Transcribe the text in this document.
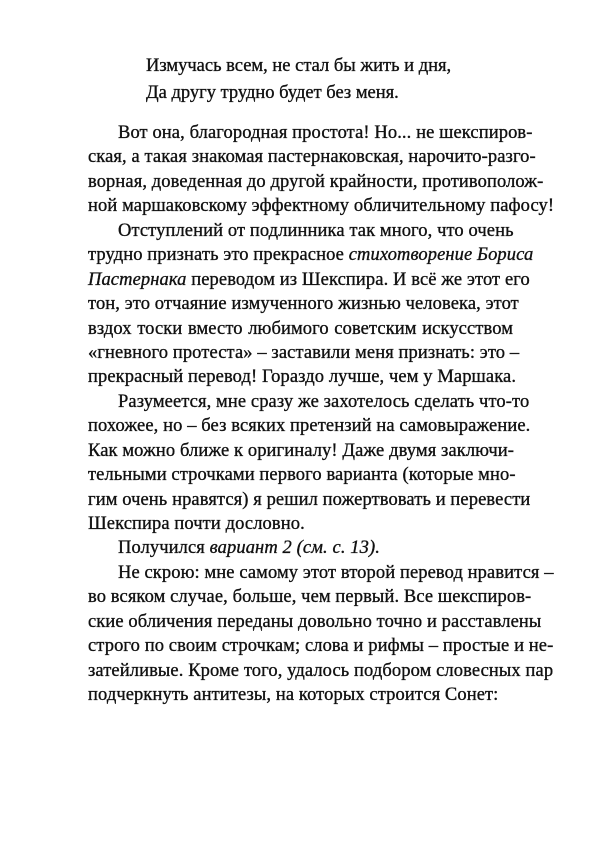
Измучась всем, не стал бы жить и дня,
Да другу трудно будет без меня.
Вот она, благородная простота! Но... не шекспиров-
ская, а такая знакомая пастернаковская, нарочито-разго-
ворная, доведенная до другой крайности, противополож-
ной маршаковскому эффектному обличительному пафосу!
Отступлений от подлинника так много, что очень
трудно признать это прекрасное стихотворение Бориса
Пастернака переводом из Шекспира. И всё же этот его
тон, это отчаяние измученного жизнью человека, этот
вздох тоски вместо любимого советским искусством
«гневного протеста» – заставили меня признать: это –
прекрасный перевод! Гораздо лучше, чем у Маршака.
Разумеется, мне сразу же захотелось сделать что-то
похожее, но – без всяких претензий на самовыражение.
Как можно ближе к оригиналу! Даже двумя заключи-
тельными строчками первого варианта (которые мно-
гим очень нравятся) я решил пожертвовать и перевести
Шекспира почти дословно.
Получился вариант 2 (см. с. 13).
Не скрою: мне самому этот второй перевод нравится –
во всяком случае, больше, чем первый. Все шекспиров-
ские обличения переданы довольно точно и расставлены
строго по своим строчкам; слова и рифмы – простые и не-
затейливые. Кроме того, удалось подбором словесных пар
подчеркнуть антитезы, на которых строится Сонет:
